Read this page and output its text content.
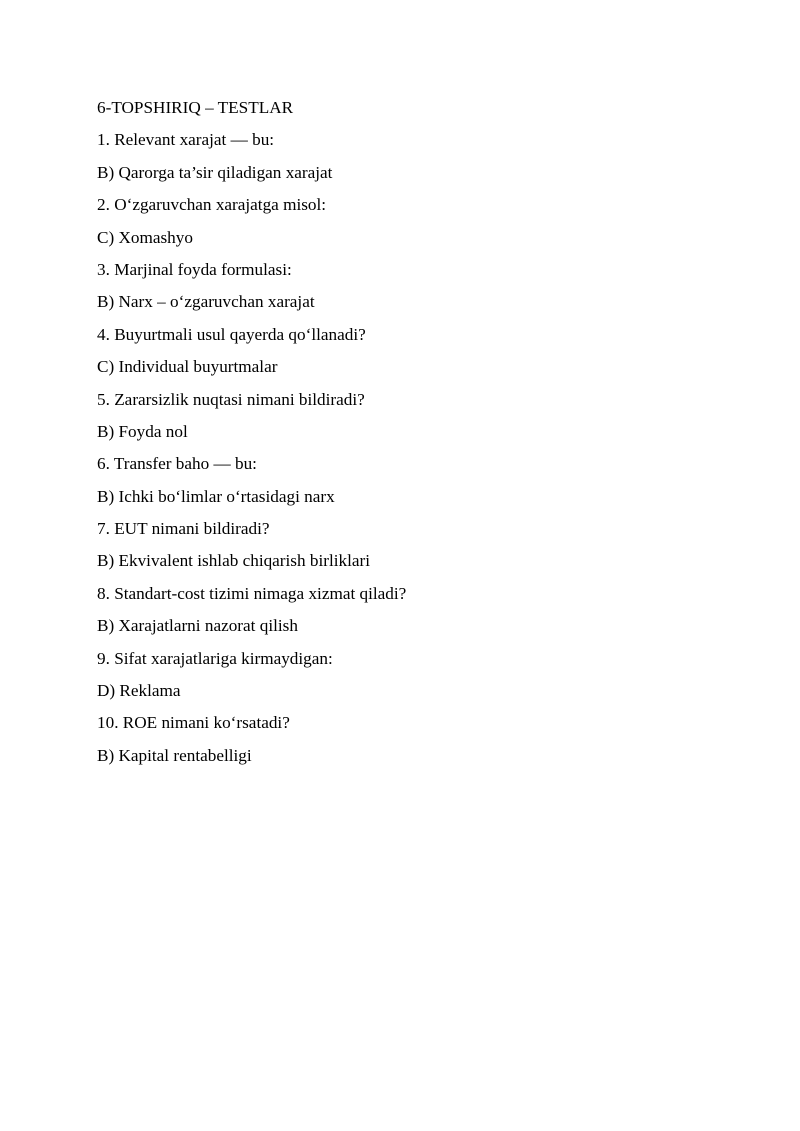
6-TOPSHIRIQ – TESTLAR
1. Relevant xarajat — bu:
B) Qarorga ta’sir qiladigan xarajat
2. O‘zgaruvchan xarajatga misol:
C) Xomashyo
3. Marjinal foyda formulasi:
B) Narx – o‘zgaruvchan xarajat
4. Buyurtmali usul qayerda qo‘llanadi?
C) Individual buyurtmalar
5. Zararsizlik nuqtasi nimani bildiradi?
B) Foyda nol
6. Transfer baho — bu:
B) Ichki bo‘limlar o‘rtasidagi narx
7. EUT nimani bildiradi?
B) Ekvivalent ishlab chiqarish birliklari
8. Standart-cost tizimi nimaga xizmat qiladi?
B) Xarajatlarni nazorat qilish
9. Sifat xarajatlariga kirmaydigan:
D) Reklama
10. ROE nimani ko‘rsatadi?
B) Kapital rentabelligi
